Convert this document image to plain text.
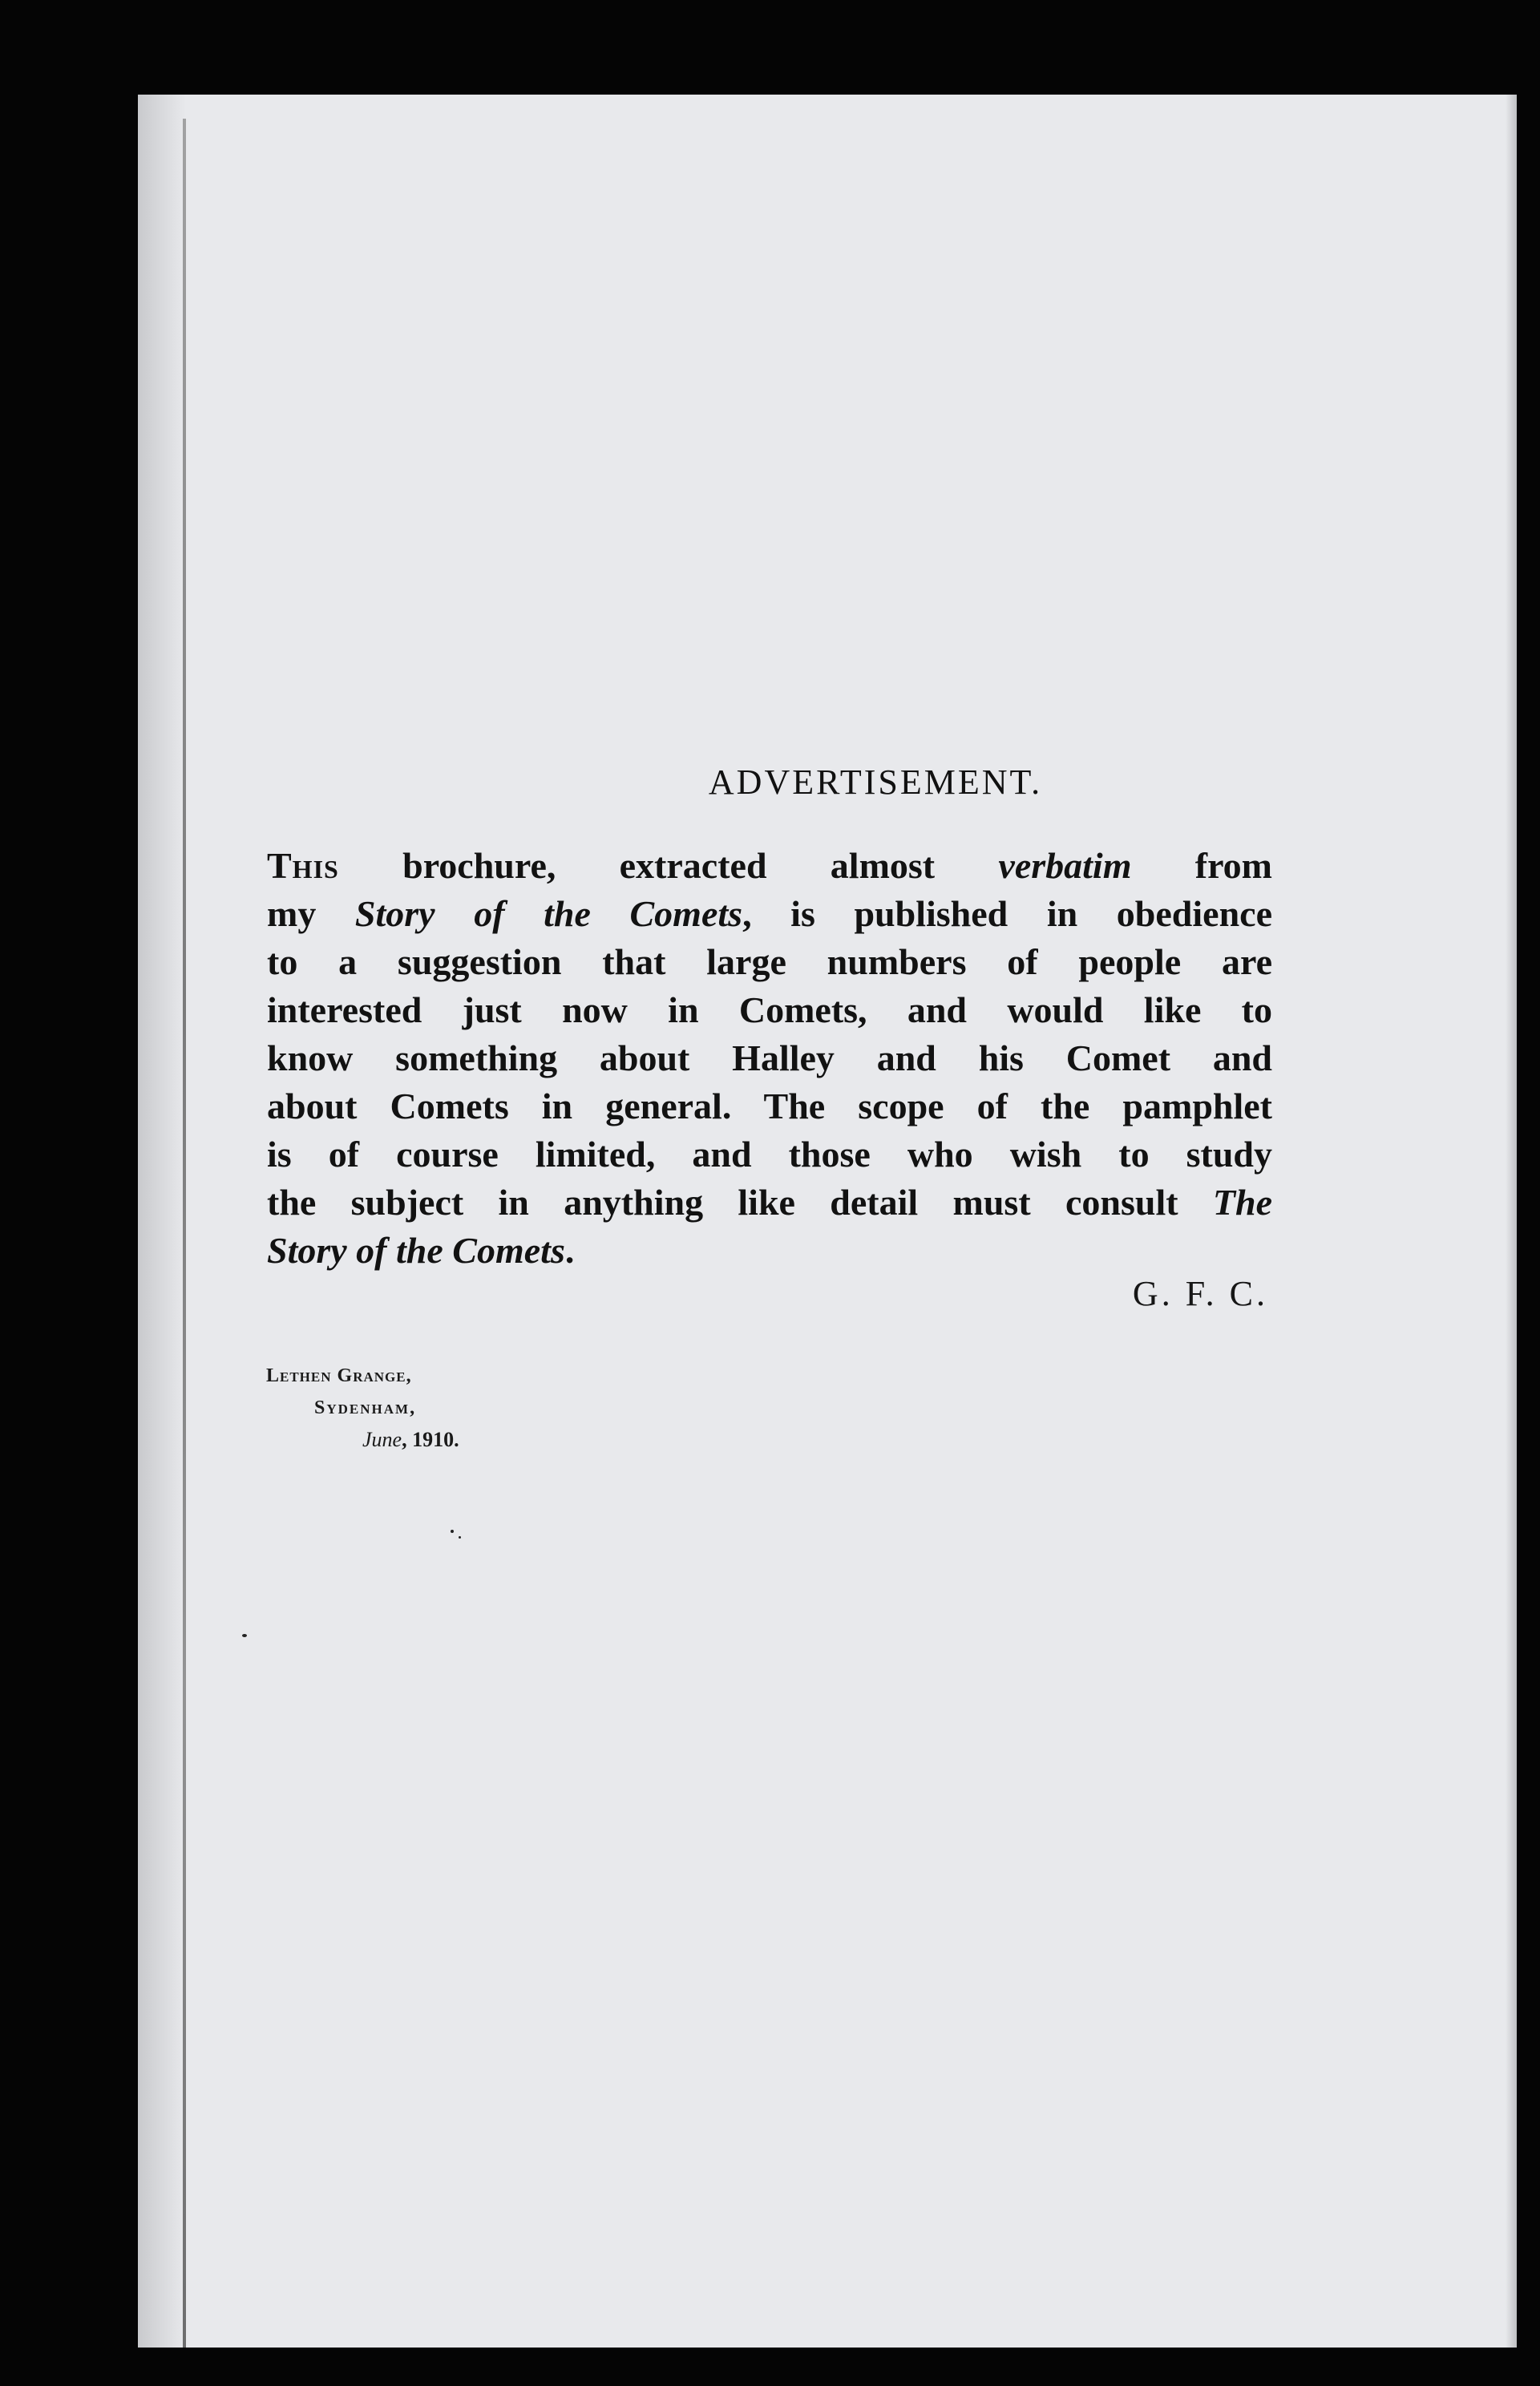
ADVERTISEMENT.
This brochure, extracted almost verbatim from
my Story of the Comets, is published in obedience
to a suggestion that large numbers of people are
interested just now in Comets, and would like to
know something about Halley and his Comet and
about Comets in general. The scope of the pamphlet
is of course limited, and those who wish to study
the subject in anything like detail must consult The
Story of the Comets.
G. F. C.
Lethen Grange,
Sydenham,
June, 1910.
